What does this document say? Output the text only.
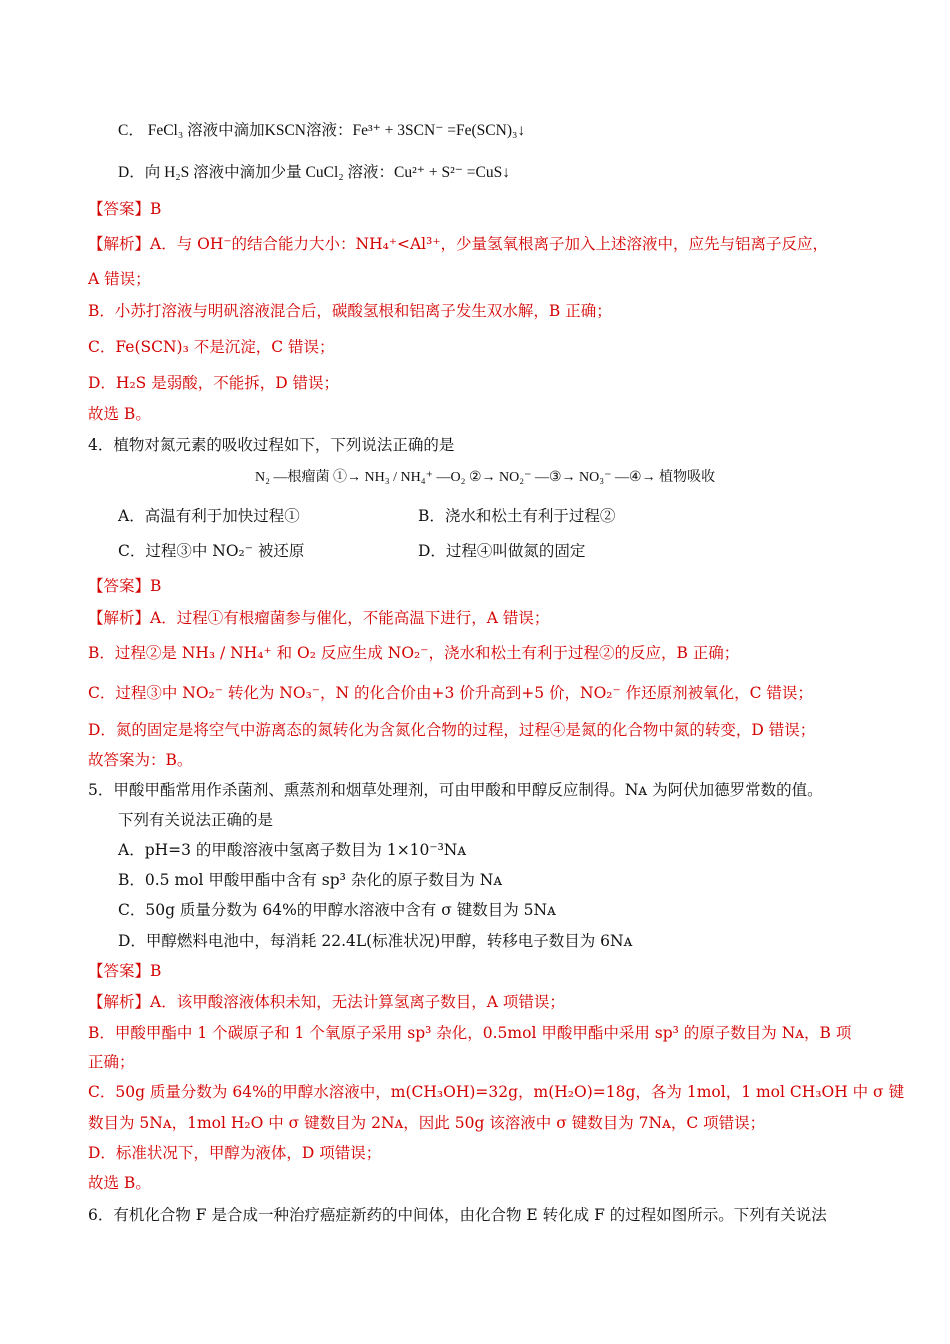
C． FeCl₃ 溶液中滴加KSCN溶液：Fe³⁺ + 3SCN⁻ =Fe(SCN)₃↓
D．向 H₂S 溶液中滴加少量 CuCl₂ 溶液：Cu²⁺ + S²⁻ =CuS↓
【答案】B
【解析】A．与 OH⁻的结合能力大小：NH₄⁺<Al³⁺，少量氢氧根离子加入上述溶液中，应先与铝离子反应，
A 错误；
B．小苏打溶液与明矾溶液混合后，碳酸氢根和铝离子发生双水解，B 正确；
C．Fe(SCN)₃ 不是沉淀，C 错误；
D．H₂S 是弱酸，不能拆，D 错误；
故选 B。
4．植物对氮元素的吸收过程如下，下列说法正确的是
N₂ —根瘤菌 ①→ NH₃ / NH₄⁺ —O₂ ②→ NO₂⁻ —③→ NO₃⁻ —④→ 植物吸收
A．高温有利于加快过程①	B．浇水和松土有利于过程②
C．过程③中 NO₂⁻ 被还原	D．过程④叫做氮的固定
【答案】B
【解析】A．过程①有根瘤菌参与催化，不能高温下进行，A 错误；
B．过程②是 NH₃ / NH₄⁺ 和 O₂ 反应生成 NO₂⁻，浇水和松土有利于过程②的反应，B 正确；
C．过程③中 NO₂⁻ 转化为 NO₃⁻，N 的化合价由+3 价升高到+5 价，NO₂⁻ 作还原剂被氧化，C 错误；
D．氮的固定是将空气中游离态的氮转化为含氮化合物的过程，过程④是氮的化合物中氮的转变，D 错误；
故答案为：B。
5．甲酸甲酯常用作杀菌剂、熏蒸剂和烟草处理剂，可由甲酸和甲醇反应制得。Nᴀ 为阿伏加德罗常数的值。
下列有关说法正确的是
A．pH=3 的甲酸溶液中氢离子数目为 1×10⁻³Nᴀ
B．0.5 mol 甲酸甲酯中含有 sp³ 杂化的原子数目为 Nᴀ
C．50g 质量分数为 64%的甲醇水溶液中含有 σ 键数目为 5Nᴀ
D．甲醇燃料电池中，每消耗 22.4L(标准状况)甲醇，转移电子数目为 6Nᴀ
【答案】B
【解析】A．该甲酸溶液体积未知，无法计算氢离子数目，A 项错误；
B．甲酸甲酯中 1 个碳原子和 1 个氧原子采用 sp³ 杂化，0.5mol 甲酸甲酯中采用 sp³ 的原子数目为 Nᴀ，B 项
正确；
C．50g 质量分数为 64%的甲醇水溶液中，m(CH₃OH)=32g，m(H₂O)=18g，各为 1mol，1 mol CH₃OH 中 σ 键
数目为 5Nᴀ，1mol H₂O 中 σ 键数目为 2Nᴀ，因此 50g 该溶液中 σ 键数目为 7Nᴀ，C 项错误；
D．标准状况下，甲醇为液体，D 项错误；
故选 B。
6．有机化合物 F 是合成一种治疗癌症新药的中间体，由化合物 E 转化成 F 的过程如图所示。下列有关说法
